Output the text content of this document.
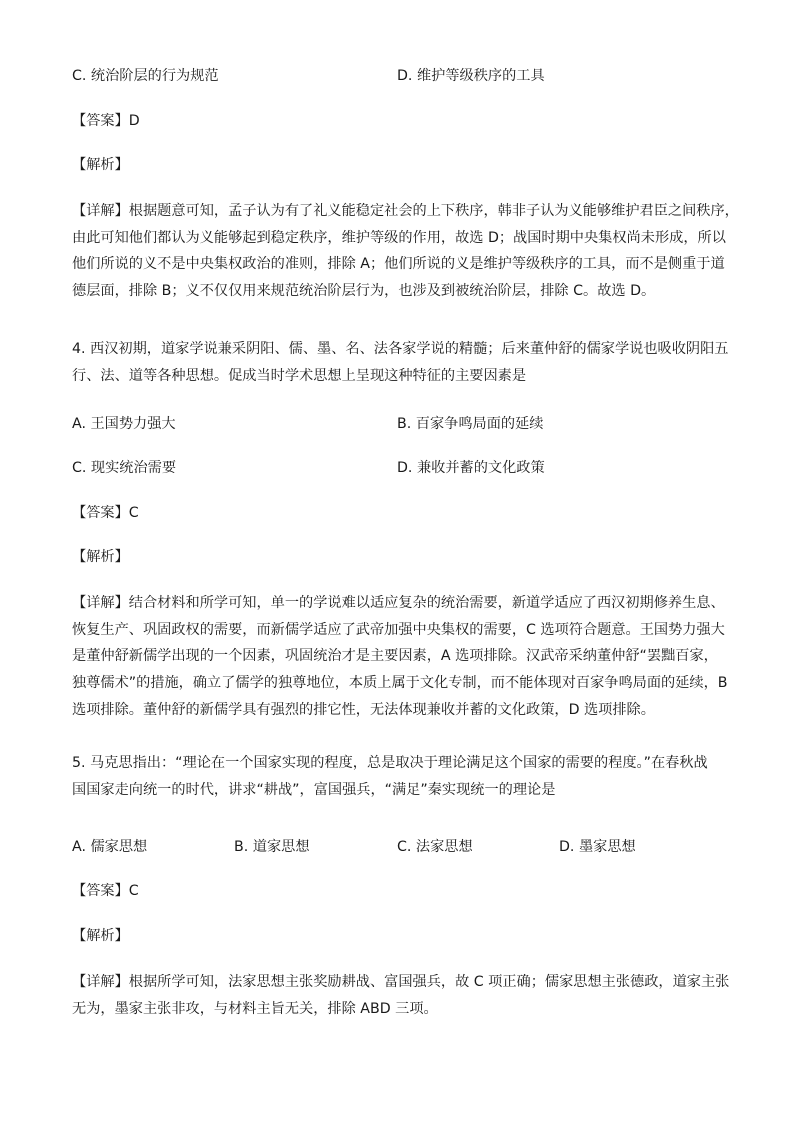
C. 统治阶层的行为规范	D. 维护等级秩序的工具
【答案】D
【解析】
【详解】根据题意可知，孟子认为有了礼义能稳定社会的上下秩序，韩非子认为义能够维护君臣之间秩序，
由此可知他们都认为义能够起到稳定秩序，维护等级的作用，故选 D；战国时期中央集权尚未形成，所以
他们所说的义不是中央集权政治的准则，排除 A；他们所说的义是维护等级秩序的工具，而不是侧重于道
德层面，排除 B；义不仅仅用来规范统治阶层行为，也涉及到被统治阶层，排除 C。故选 D。
4. 西汉初期，道家学说兼采阴阳、儒、墨、名、法各家学说的精髓；后来董仲舒的儒家学说也吸收阴阳五
行、法、道等各种思想。促成当时学术思想上呈现这种特征的主要因素是
A. 王国势力强大	B. 百家争鸣局面的延续
C. 现实统治需要	D. 兼收并蓄的文化政策
【答案】C
【解析】
【详解】结合材料和所学可知，单一的学说难以适应复杂的统治需要，新道学适应了西汉初期修养生息、
恢复生产、巩固政权的需要，而新儒学适应了武帝加强中央集权的需要，C 选项符合题意。王国势力强大
是董仲舒新儒学出现的一个因素，巩固统治才是主要因素，A 选项排除。汉武帝采纳董仲舒“罢黜百家，
独尊儒术”的措施，确立了儒学的独尊地位，本质上属于文化专制，而不能体现对百家争鸣局面的延续，B
选项排除。董仲舒的新儒学具有强烈的排它性，无法体现兼收并蓄的文化政策，D 选项排除。
5. 马克思指出：“理论在一个国家实现的程度，总是取决于理论满足这个国家的需要的程度。”在春秋战
国国家走向统一的时代，讲求“耕战”，富国强兵，“满足”秦实现统一的理论是
A. 儒家思想	B. 道家思想	C. 法家思想	D. 墨家思想
【答案】C
【解析】
【详解】根据所学可知，法家思想主张奖励耕战、富国强兵，故 C 项正确；儒家思想主张德政，道家主张
无为，墨家主张非攻，与材料主旨无关，排除 ABD 三项。
